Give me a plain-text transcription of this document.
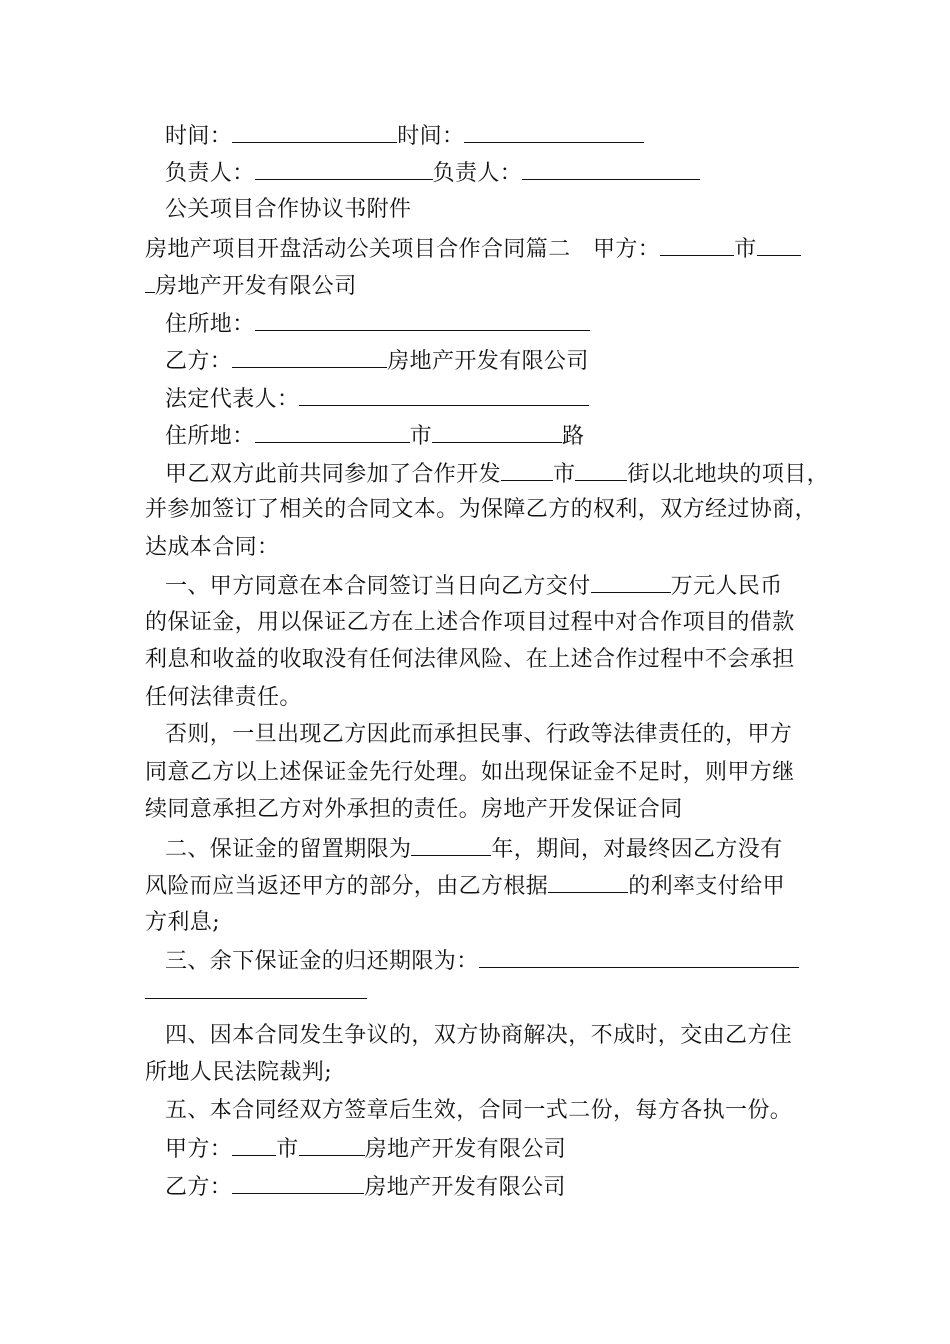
时间：	时间：
负责人：	负责人：
公关项目合作协议书附件
房地产项目开盘活动公关项目合作合同篇二　甲方：	市
房地产开发有限公司
住所地：
乙方：	房地产开发有限公司
法定代表人：
住所地：	市	路
甲乙双方此前共同参加了合作开发 市 街以北地块的项目，
并参加签订了相关的合同文本。为保障乙方的权利，双方经过协商，
达成本合同：
一、甲方同意在本合同签订当日向乙方交付	万元人民币
的保证金，用以保证乙方在上述合作项目过程中对合作项目的借款
利息和收益的收取没有任何法律风险、在上述合作过程中不会承担
任何法律责任。
否则，一旦出现乙方因此而承担民事、行政等法律责任的，甲方
同意乙方以上述保证金先行处理。如出现保证金不足时，则甲方继
续同意承担乙方对外承担的责任。房地产开发保证合同
二、保证金的留置期限为	年，期间，对最终因乙方没有
风险而应当返还甲方的部分，由乙方根据	的利率支付给甲
方利息;
三、余下保证金的归还期限为：
四、因本合同发生争议的，双方协商解决，不成时，交由乙方住
所地人民法院裁判;
五、本合同经双方签章后生效，合同一式二份，每方各执一份。
甲方： 市	房地产开发有限公司
乙方：	房地产开发有限公司
